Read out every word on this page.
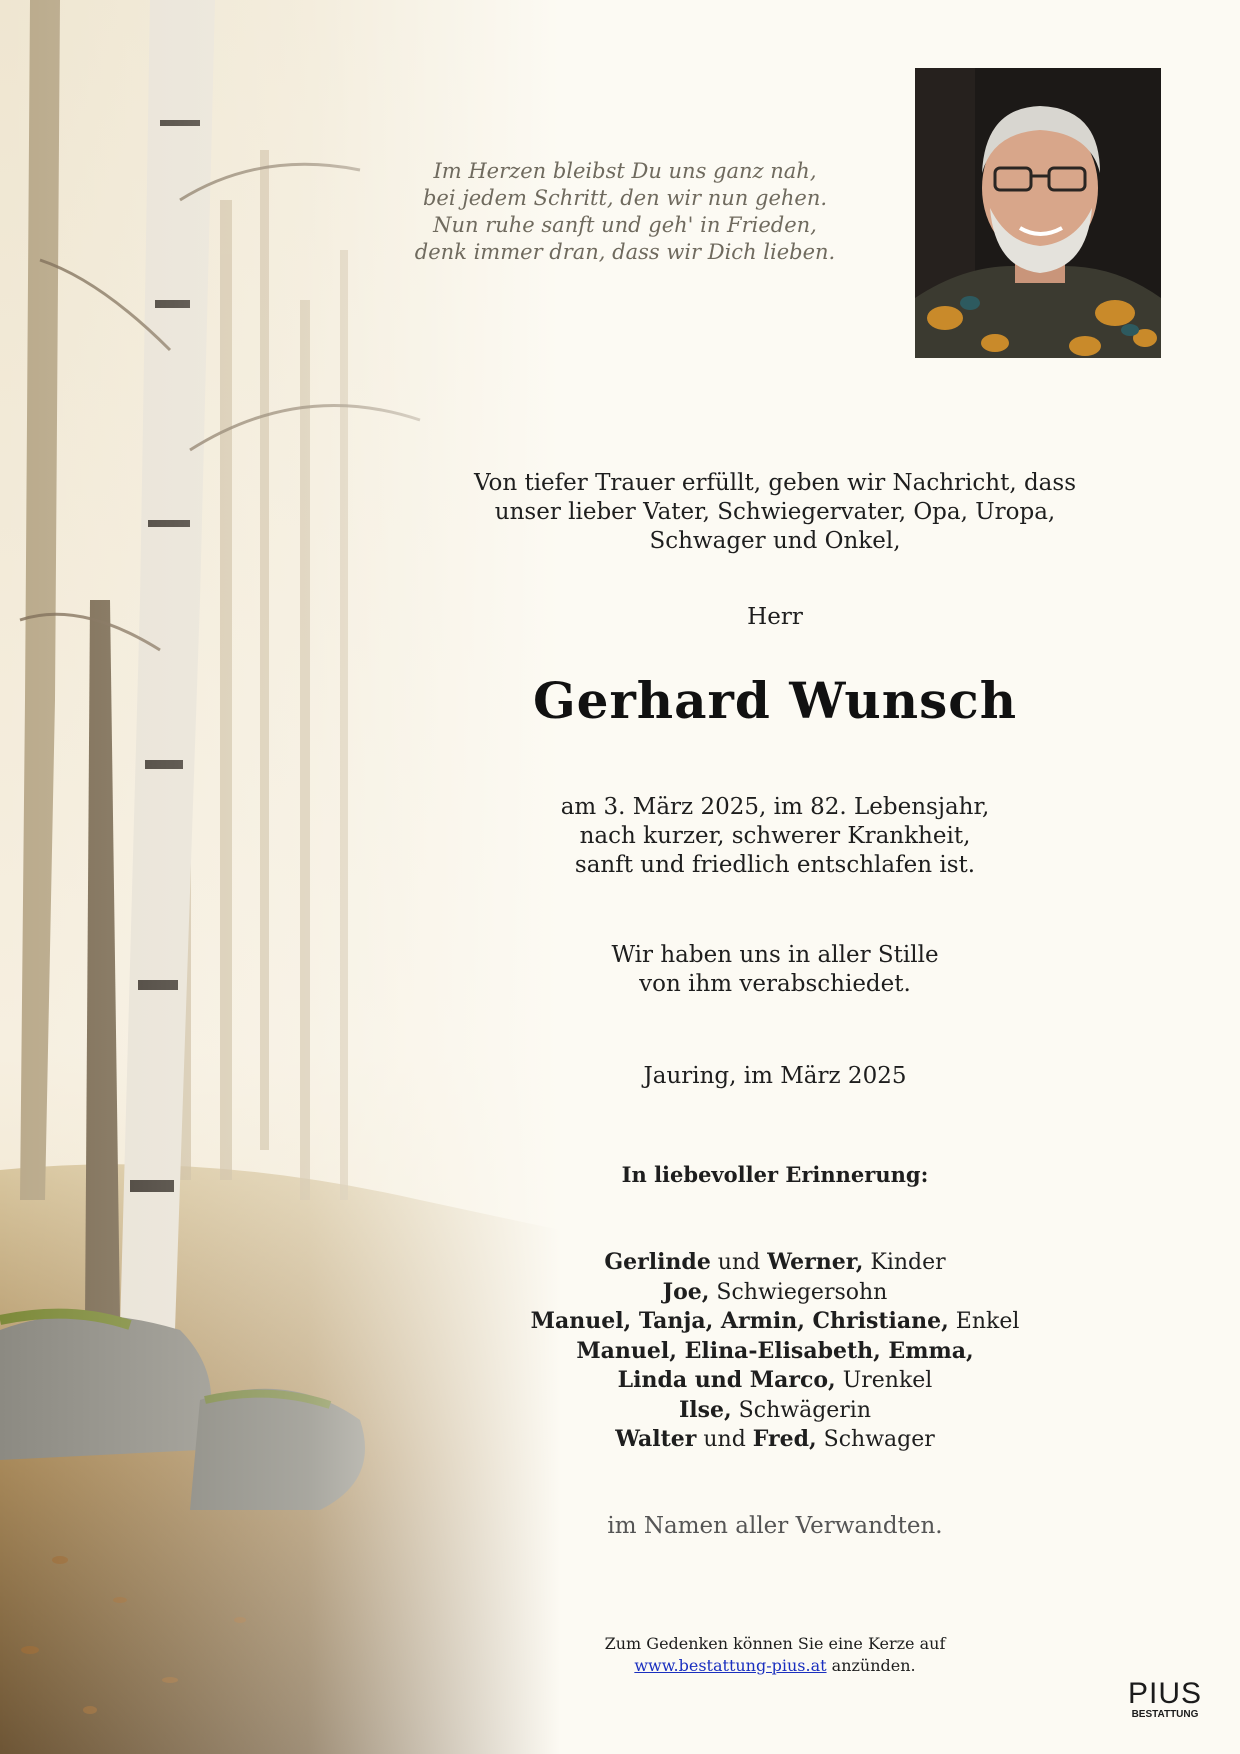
Im Herzen bleibst Du uns ganz nah,
bei jedem Schritt, den wir nun gehen.
Nun ruhe sanft und geh' in Frieden,
denk immer dran, dass wir Dich lieben.
Von tiefer Trauer erfüllt, geben wir Nachricht, dass
unser lieber Vater, Schwiegervater, Opa, Uropa,
Schwager und Onkel,
Herr
Gerhard Wunsch
am 3. März 2025, im 82. Lebensjahr,
nach kurzer, schwerer Krankheit,
sanft und friedlich entschlafen ist.
Wir haben uns in aller Stille
von ihm verabschiedet.
Jauring, im März 2025
In liebevoller Erinnerung:
Gerlinde und Werner, Kinder
Joe, Schwiegersohn
Manuel, Tanja, Armin, Christiane, Enkel
Manuel, Elina-Elisabeth, Emma,
Linda und Marco, Urenkel
Ilse, Schwägerin
Walter und Fred, Schwager
im Namen aller Verwandten.
Zum Gedenken können Sie eine Kerze auf
www.bestattung-pius.at anzünden.
PIUS
BESTATTUNG
